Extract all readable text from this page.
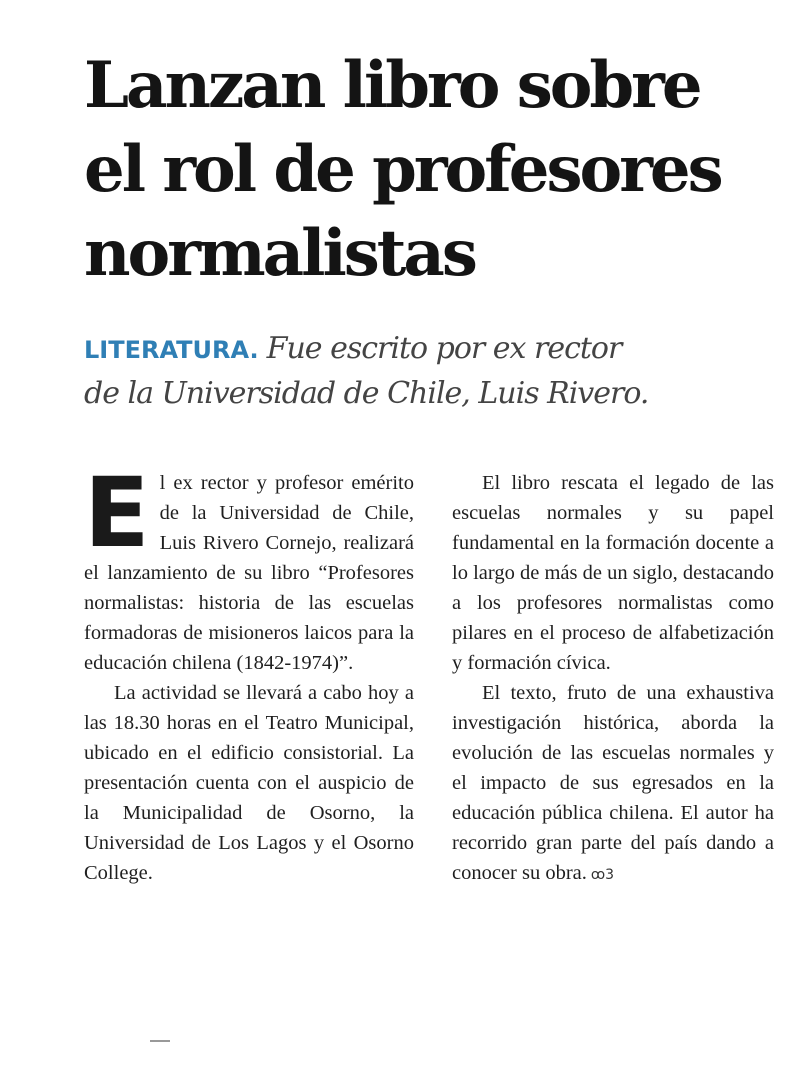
Lanzan libro sobre
el rol de profesores
normalistas
LITERATURA. Fue escrito por ex rector
de la Universidad de Chile, Luis Rivero.

El ex rector y profesor emérito de la Universidad de Chile, Luis Rivero Cornejo, realizará el lanzamiento de su libro “Profesores normalistas: historia de las escuelas formadoras de misioneros laicos para la educación chilena (1842-1974)”.

La actividad se llevará a cabo hoy a las 18.30 horas en el Teatro Municipal, ubicado en el edificio consistorial. La presentación cuenta con el auspicio de la Municipalidad de Osorno, la Universidad de Los Lagos y el Osorno College.

El libro rescata el legado de las escuelas normales y su papel fundamental en la formación docente a lo largo de más de un siglo, destacando a los profesores normalistas como pilares en el proceso de alfabetización y formación cívica.

El texto, fruto de una exhaustiva investigación histórica, aborda la evolución de las escuelas normales y el impacto de sus egresados en la educación pública chilena. El autor ha recorrido gran parte del país dando a conocer su obra. ꝏ3
